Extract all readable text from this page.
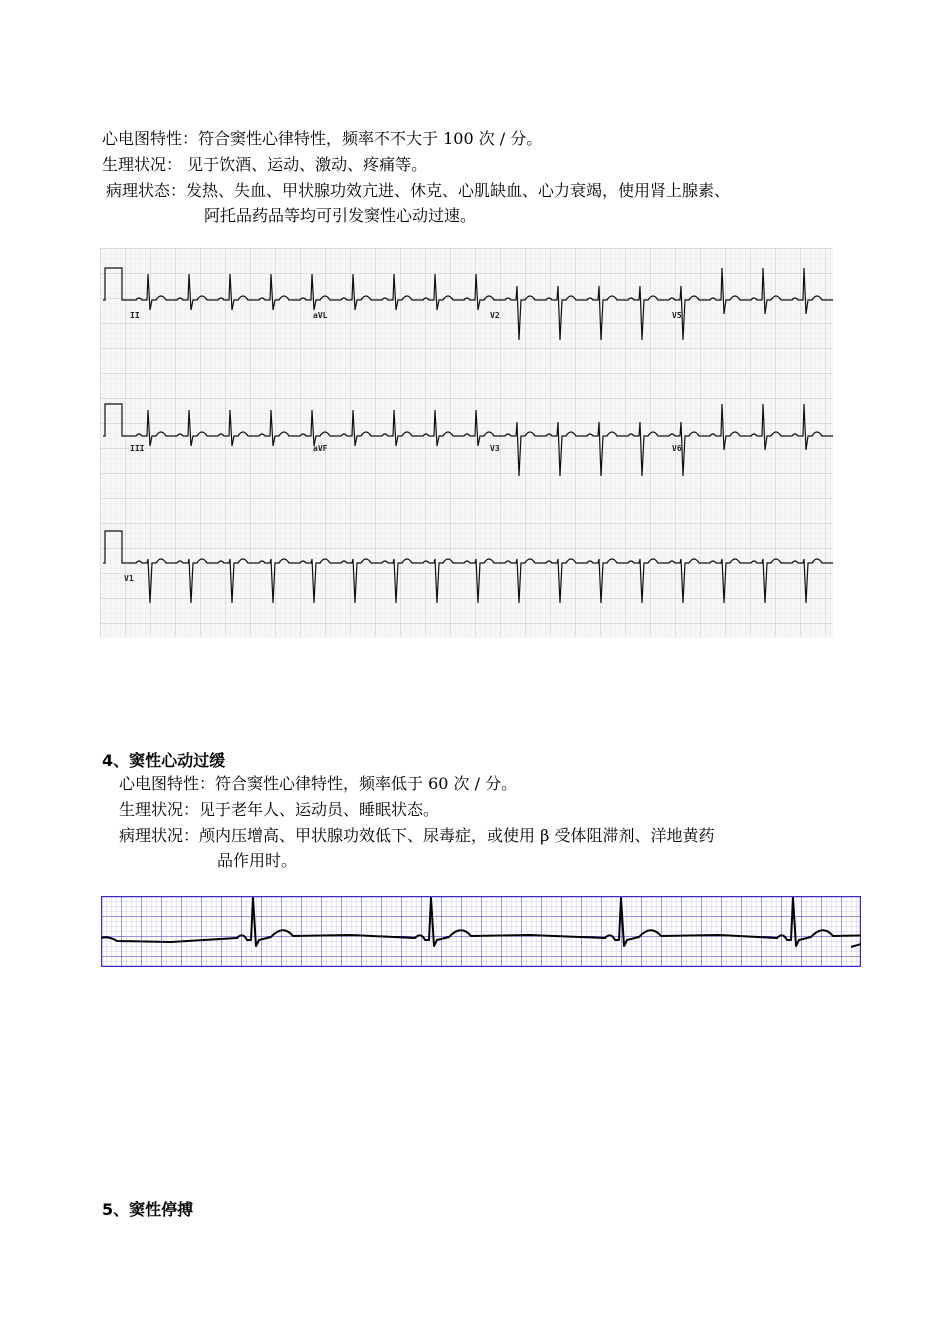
心电图特性：符合窦性心律特性，频率不不大于 100 次 / 分。
生理状况： 见于饮酒、运动、激动、疼痛等。
病理状态：发热、失血、甲状腺功效亢进、休克、心肌缺血、心力衰竭，使用肾上腺素、
阿托品药品等均可引发窦性心动过速。
II	aVL	V2	V5
III	aVF	V3	V6
V1
4、窦性心动过缓
心电图特性：符合窦性心律特性，频率低于 60 次 / 分。
生理状况：见于老年人、运动员、睡眠状态。
病理状况：颅内压增高、甲状腺功效低下、尿毒症，或使用 β 受体阻滞剂、洋地黄药
品作用时。
5、窦性停搏
